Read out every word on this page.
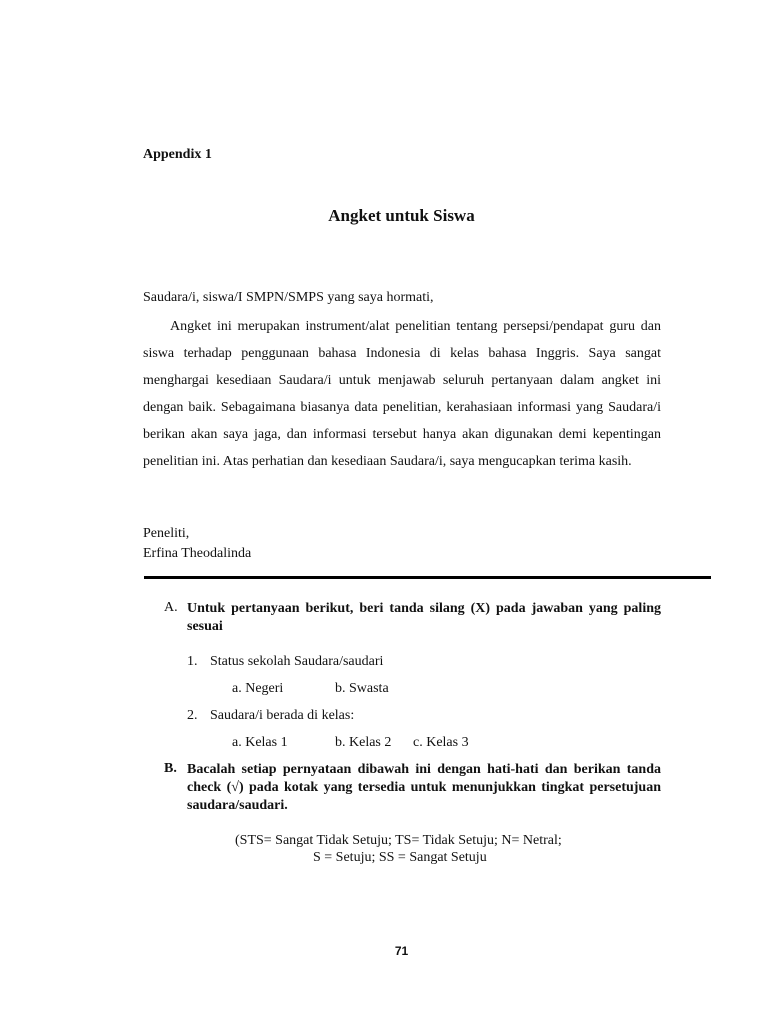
Appendix 1
Angket untuk Siswa
Saudara/i, siswa/I SMPN/SMPS yang saya hormati,
Angket ini merupakan instrument/alat penelitian tentang persepsi/pendapat guru dan siswa terhadap penggunaan bahasa Indonesia di kelas bahasa Inggris. Saya sangat menghargai kesediaan Saudara/i untuk menjawab seluruh pertanyaan dalam angket ini dengan baik. Sebagaimana biasanya data penelitian, kerahasiaan informasi yang Saudara/i berikan akan saya jaga, dan informasi tersebut hanya akan digunakan demi kepentingan penelitian ini. Atas perhatian dan kesediaan Saudara/i, saya mengucapkan terima kasih.
Peneliti,
Erfina Theodalinda
A. Untuk pertanyaan berikut, beri tanda silang (X) pada jawaban yang paling sesuai
1. Status sekolah Saudara/saudari
a. Negeri	b. Swasta
2. Saudara/i berada di kelas:
a. Kelas 1	b. Kelas 2 c. Kelas 3
B. Bacalah setiap pernyataan dibawah ini dengan hati-hati dan berikan tanda check (√) pada kotak yang tersedia untuk menunjukkan tingkat persetujuan saudara/saudari.
(STS= Sangat Tidak Setuju; TS= Tidak Setuju; N= Netral;
S = Setuju; SS = Sangat Setuju
71
